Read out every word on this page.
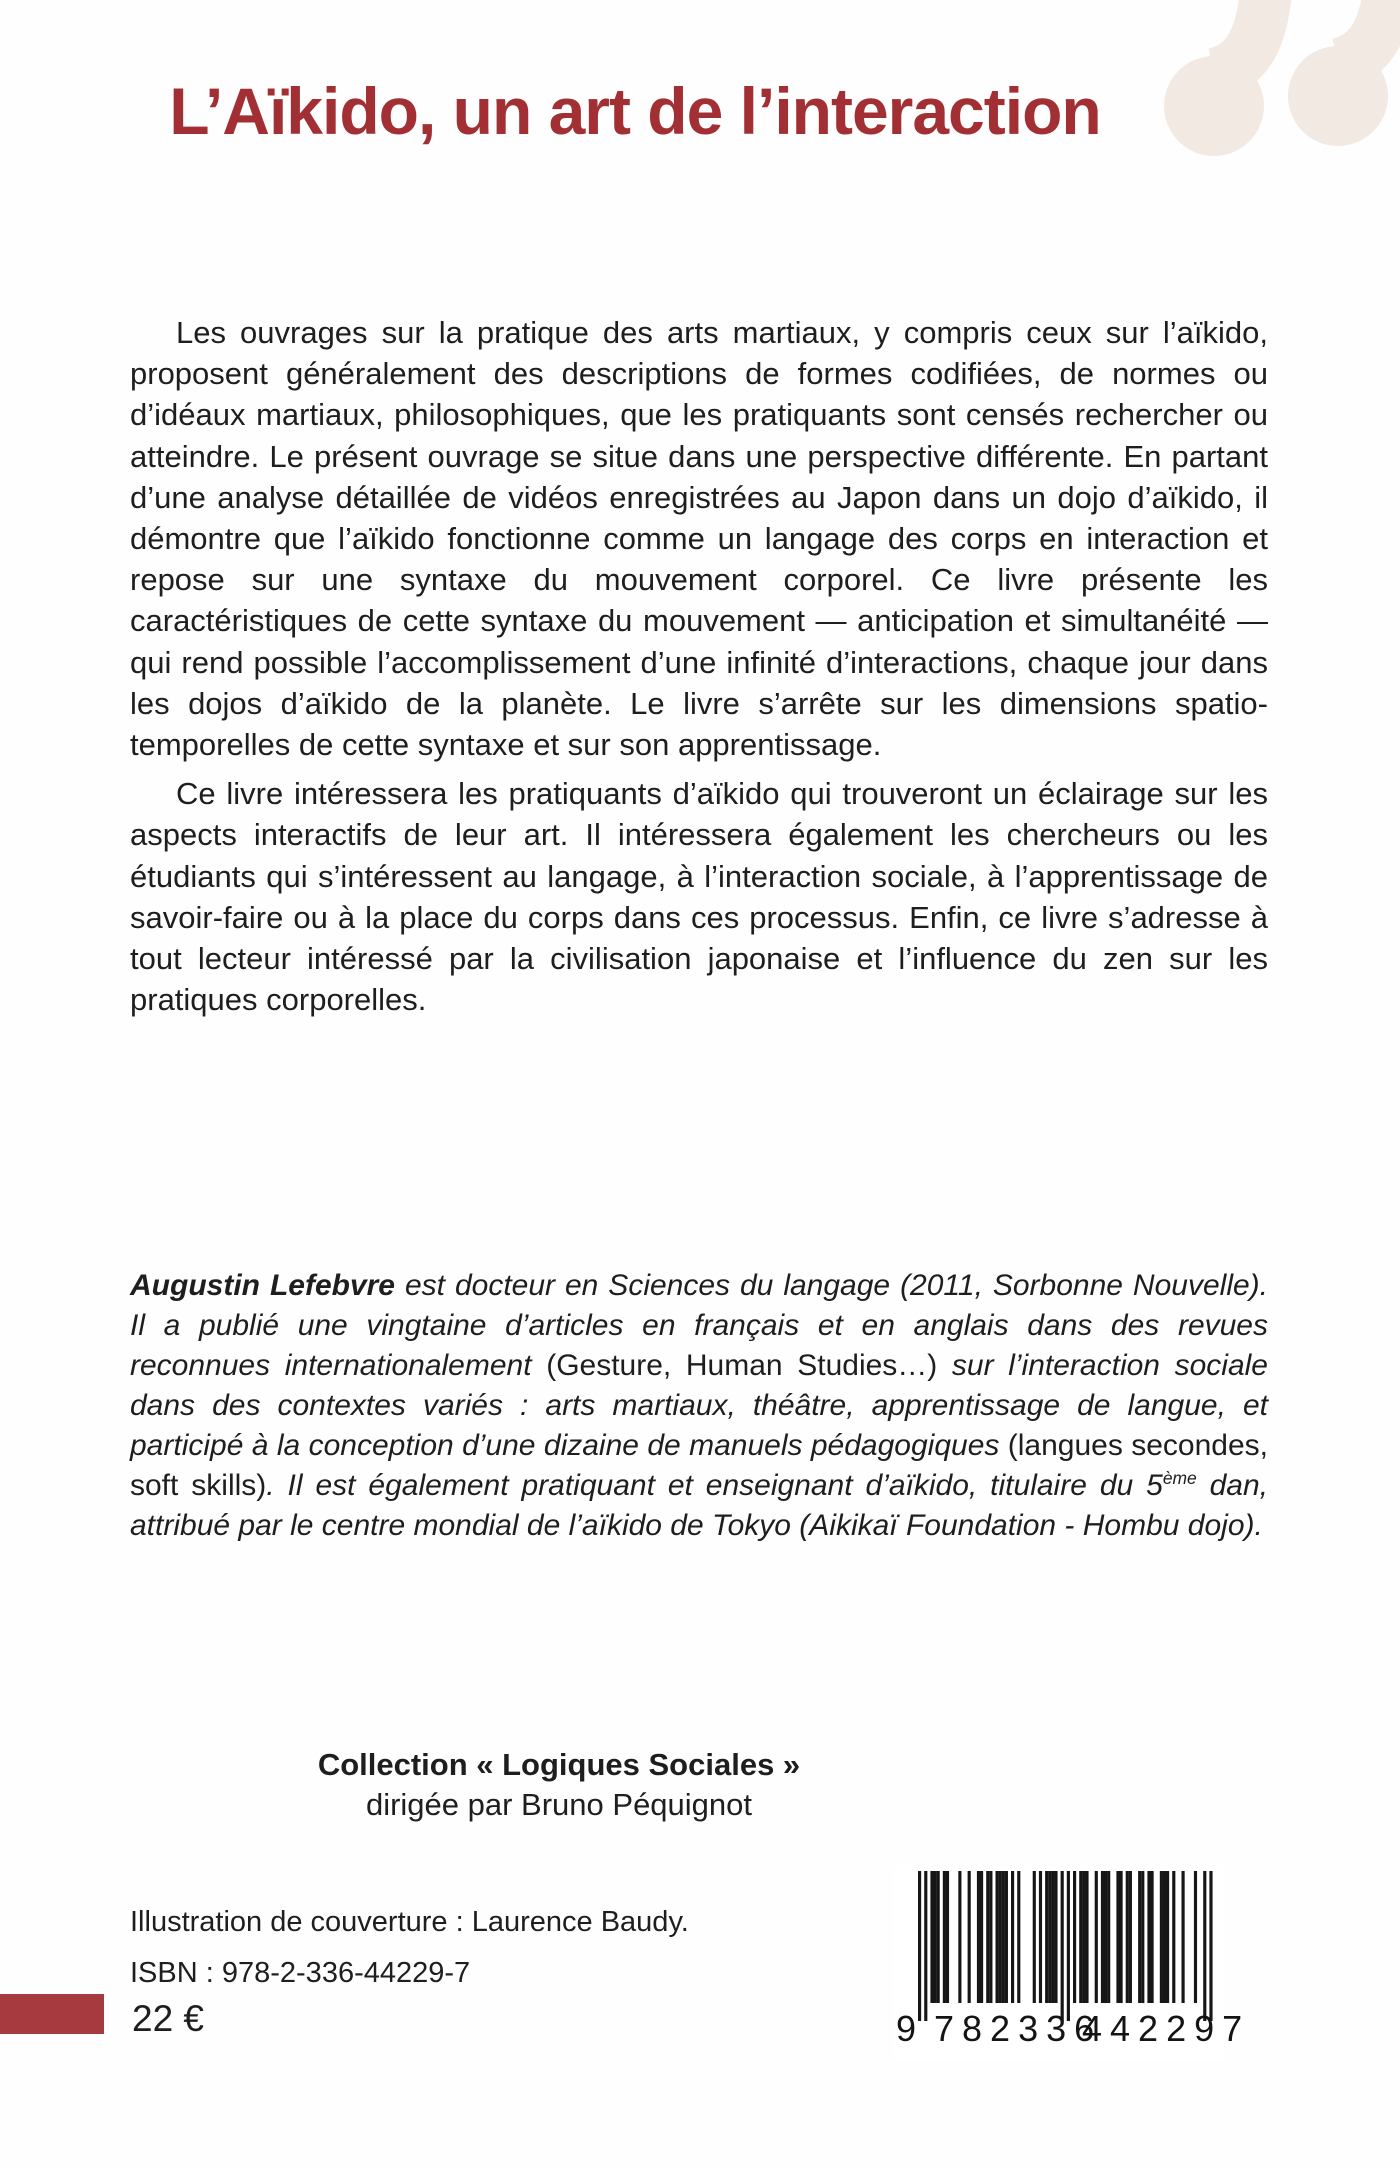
L’Aïkido, un art de l’interaction

Les ouvrages sur la pratique des arts martiaux, y compris ceux sur l’aïkido, proposent généralement des descriptions de formes codifiées, de normes ou d’idéaux martiaux, philosophiques, que les pratiquants sont censés rechercher ou atteindre. Le présent ouvrage se situe dans une perspective différente. En partant d’une analyse détaillée de vidéos enregistrées au Japon dans un dojo d’aïkido, il démontre que l’aïkido fonctionne comme un langage des corps en interaction et repose sur une syntaxe du mouvement corporel. Ce livre présente les caractéristiques de cette syntaxe du mouvement — anticipation et simultanéité — qui rend possible l’accomplissement d’une infinité d’interactions, chaque jour dans les dojos d’aïkido de la planète. Le livre s’arrête sur les dimensions spatio-temporelles de cette syntaxe et sur son apprentissage.

Ce livre intéressera les pratiquants d’aïkido qui trouveront un éclairage sur les aspects interactifs de leur art. Il intéressera également les chercheurs ou les étudiants qui s’intéressent au langage, à l’interaction sociale, à l’apprentissage de savoir-faire ou à la place du corps dans ces processus. Enfin, ce livre s’adresse à tout lecteur intéressé par la civilisation japonaise et l’influence du zen sur les pratiques corporelles.

Augustin Lefebvre est docteur en Sciences du langage (2011, Sorbonne Nouvelle). Il a publié une vingtaine d’articles en français et en anglais dans des revues reconnues internationalement (Gesture, Human Studies…) sur l’interaction sociale dans des contextes variés : arts martiaux, théâtre, apprentissage de langue, et participé à la conception d’une dizaine de manuels pédagogiques (langues secondes, soft skills). Il est également pratiquant et enseignant d’aïkido, titulaire du 5ème dan, attribué par le centre mondial de l’aïkido de Tokyo (Aikikaï Foundation - Hombu dojo).
Collection « Logiques Sociales »
dirigée par Bruno Péquignot
Illustration de couverture : Laurence Baudy.
ISBN : 978-2-336-44229-7
22 €	9 782336
442297
